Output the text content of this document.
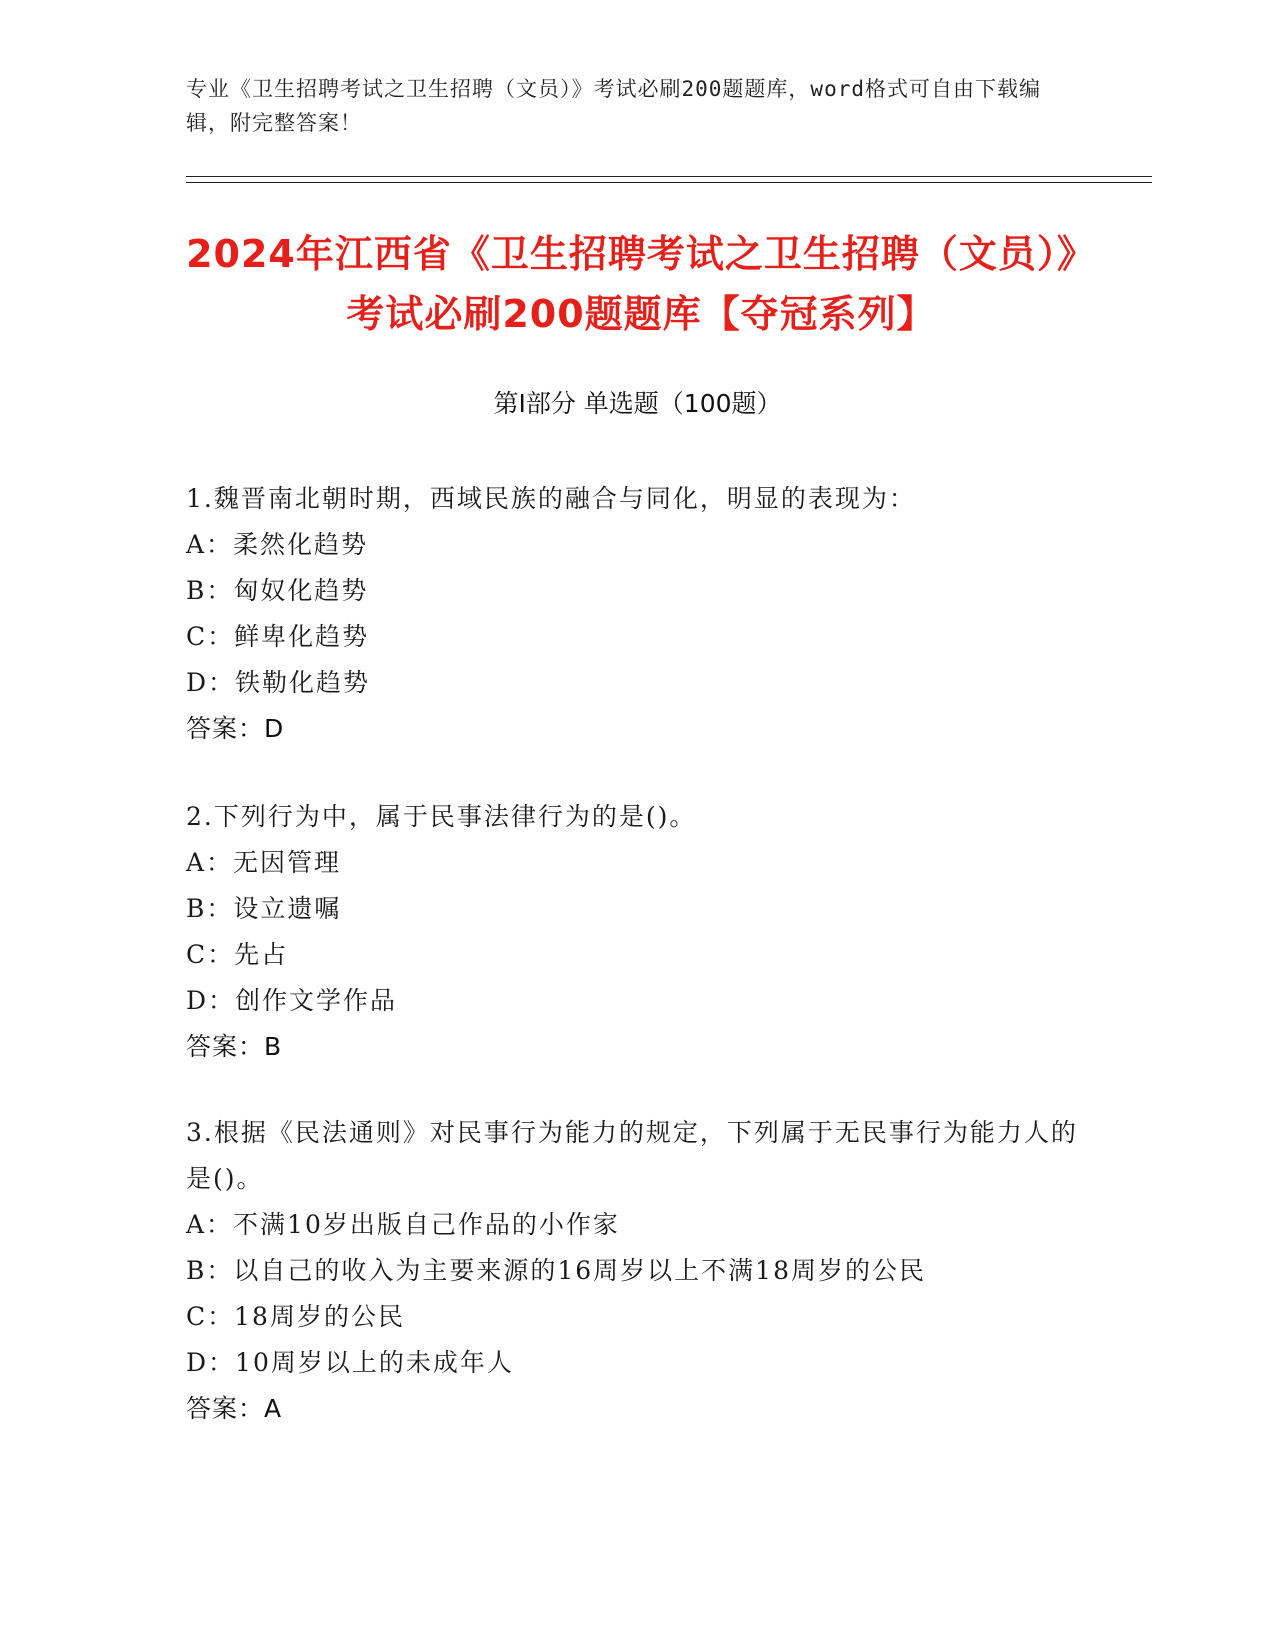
专业《卫生招聘考试之卫生招聘（文员）》考试必刷200题题库，word格式可自由下载编辑，附完整答案！
2024年江西省《卫生招聘考试之卫生招聘（文员）》考试必刷200题题库【夺冠系列】
第I部分 单选题（100题）
1.魏晋南北朝时期，西域民族的融合与同化，明显的表现为：
A：柔然化趋势
B：匈奴化趋势
C：鲜卑化趋势
D：铁勒化趋势
答案：D
2.下列行为中，属于民事法律行为的是()。
A：无因管理
B：设立遗嘱
C：先占
D：创作文学作品
答案：B
3.根据《民法通则》对民事行为能力的规定，下列属于无民事行为能力人的是()。
A：不满10岁出版自己作品的小作家
B：以自己的收入为主要来源的16周岁以上不满18周岁的公民
C：18周岁的公民
D：10周岁以上的未成年人
答案：A
